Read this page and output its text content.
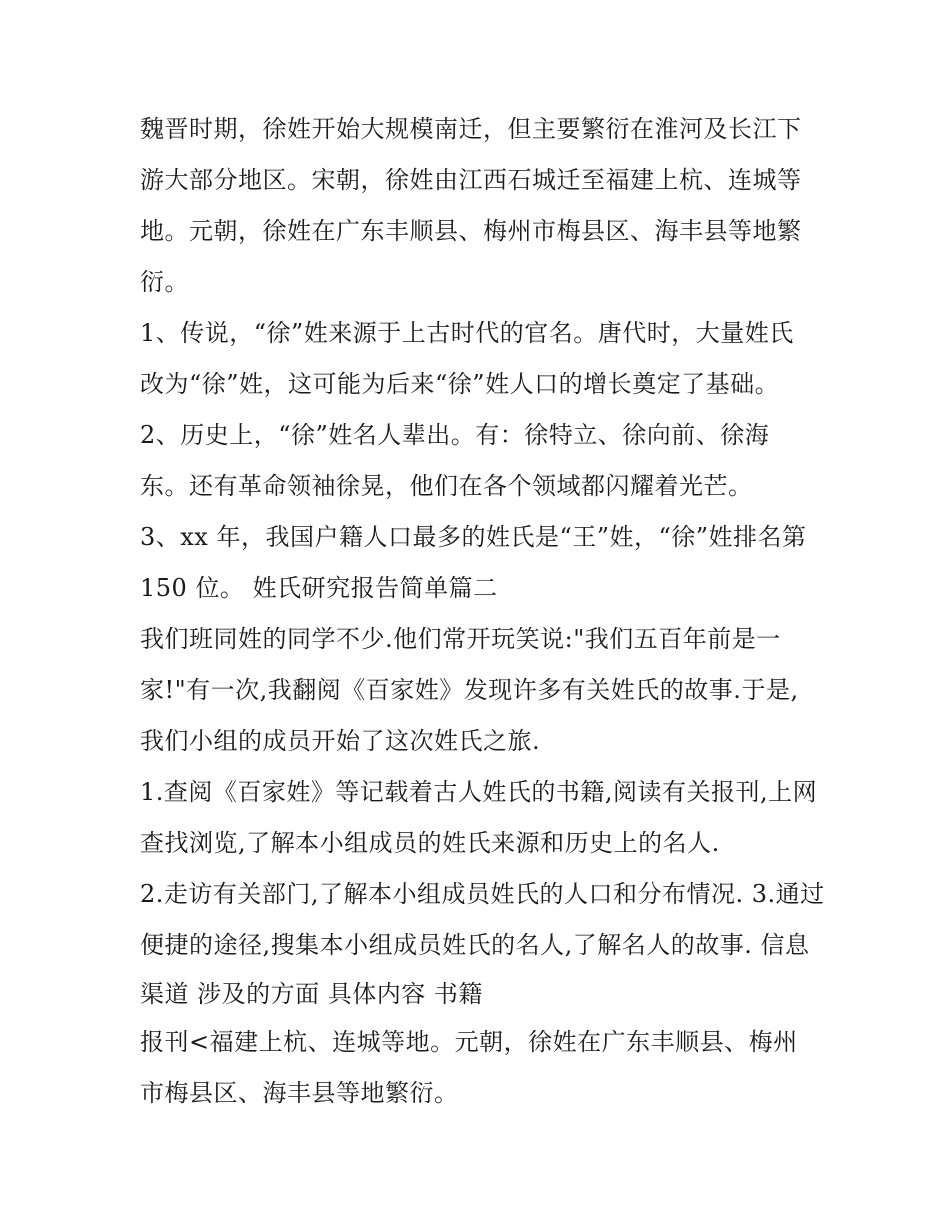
魏晋时期，徐姓开始大规模南迁，但主要繁衍在淮河及长江下
游大部分地区。宋朝，徐姓由江西石城迁至福建上杭、连城等
地。元朝，徐姓在广东丰顺县、梅州市梅县区、海丰县等地繁
衍。
1、传说，“徐”姓来源于上古时代的官名。唐代时，大量姓氏
改为“徐”姓，这可能为后来“徐”姓人口的增长奠定了基础。
2、历史上，“徐”姓名人辈出。有：徐特立、徐向前、徐海
东。还有革命领袖徐晃，他们在各个领域都闪耀着光芒。
3、xx 年，我国户籍人口最多的姓氏是“王”姓，“徐”姓排名第
150 位。 姓氏研究报告简单篇二
我们班同姓的同学不少.他们常开玩笑说:"我们五百年前是一
家!"有一次,我翻阅《百家姓》发现许多有关姓氏的故事.于是,
我们小组的成员开始了这次姓氏之旅.
1.查阅《百家姓》等记载着古人姓氏的书籍,阅读有关报刊,上网
查找浏览,了解本小组成员的姓氏来源和历史上的名人.
2.走访有关部门,了解本小组成员姓氏的人口和分布情况. 3.通过
便捷的途径,搜集本小组成员姓氏的名人,了解名人的故事. 信息
渠道 涉及的方面 具体内容 书籍
报刊<福建上杭、连城等地。元朝，徐姓在广东丰顺县、梅州
市梅县区、海丰县等地繁衍。
